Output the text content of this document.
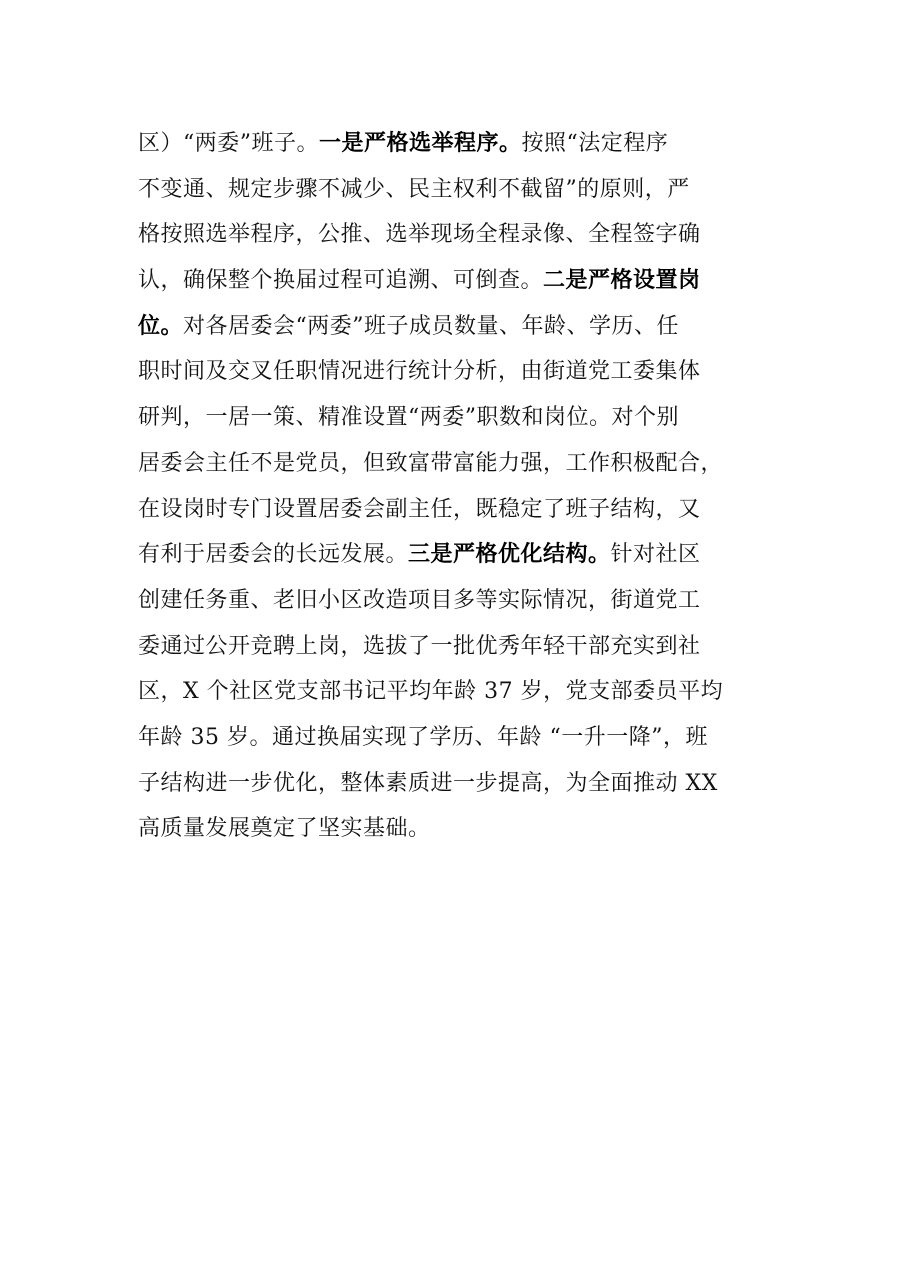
区）“两委”班子。一是严格选举程序。按照“法定程序
不变通、规定步骤不减少、民主权利不截留”的原则，严
格按照选举程序，公推、选举现场全程录像、全程签字确
认，确保整个换届过程可追溯、可倒查。二是严格设置岗
位。对各居委会“两委”班子成员数量、年龄、学历、任
职时间及交叉任职情况进行统计分析，由街道党工委集体
研判，一居一策、精准设置“两委”职数和岗位。对个别
居委会主任不是党员，但致富带富能力强，工作积极配合，
在设岗时专门设置居委会副主任，既稳定了班子结构，又
有利于居委会的长远发展。三是严格优化结构。针对社区
创建任务重、老旧小区改造项目多等实际情况，街道党工
委通过公开竞聘上岗，选拔了一批优秀年轻干部充实到社
区，X 个社区党支部书记平均年龄 37 岁，党支部委员平均
年龄 35 岁。通过换届实现了学历、年龄 “一升一降”，班
子结构进一步优化，整体素质进一步提高，为全面推动 XX
高质量发展奠定了坚实基础。
